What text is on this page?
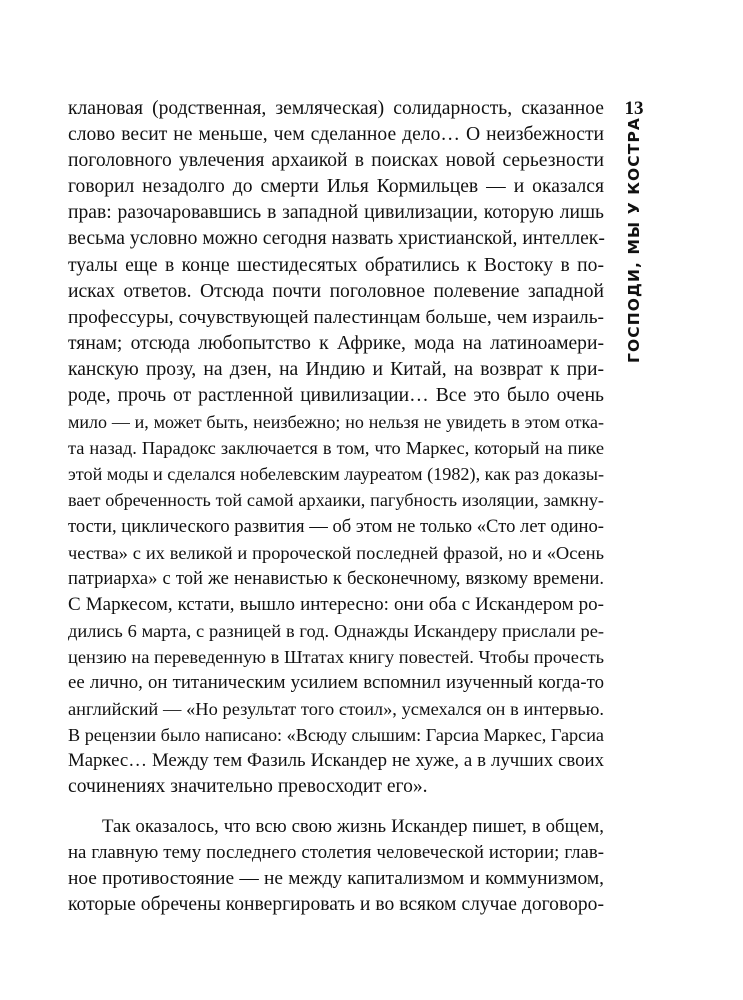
13
ГОСПОДИ, МЫ У КОСТРА
клановая (родственная, земляческая) солидарность, сказанное
слово весит не меньше, чем сделанное дело… О неизбежности
поголовного увлечения архаикой в поисках новой серьезности
говорил незадолго до смерти Илья Кормильцев — и оказался
прав: разочаровавшись в западной цивилизации, которую лишь
весьма условно можно сегодня назвать христианской, интеллек-
туалы еще в конце шестидесятых обратились к Востоку в по-
исках ответов. Отсюда почти поголовное полевение западной
профессуры, сочувствующей палестинцам больше, чем израиль-
тянам; отсюда любопытство к Африке, мода на латиноамери-
канскую прозу, на дзен, на Индию и Китай, на возврат к при-
роде, прочь от растленной цивилизации… Все это было очень
мило — и, может быть, неизбежно; но нельзя не увидеть в этом отка-
та назад. Парадокс заключается в том, что Маркес, который на пике
этой моды и сделался нобелевским лауреатом (1982), как раз доказы-
вает обреченность той самой архаики, пагубность изоляции, замкну-
тости, циклического развития — об этом не только «Сто лет одино-
чества» с их великой и пророческой последней фразой, но и «Осень
патриарха» с той же ненавистью к бесконечному, вязкому времени.
С Маркесом, кстати, вышло интересно: они оба с Искандером ро-
дились 6 марта, с разницей в год. Однажды Искандеру прислали ре-
цензию на переведенную в Штатах книгу повестей. Чтобы прочесть
ее лично, он титаническим усилием вспомнил изученный когда-то
английский — «Но результат того стоил», усмехался он в интервью.
В рецензии было написано: «Всюду слышим: Гарсиа Маркес, Гарсиа
Маркес… Между тем Фазиль Искандер не хуже, а в лучших своих
сочинениях значительно превосходит его».
Так оказалось, что всю свою жизнь Искандер пишет, в общем,
на главную тему последнего столетия человеческой истории; глав-
ное противостояние — не между капитализмом и коммунизмом,
которые обречены конвергировать и во всяком случае договоро-
